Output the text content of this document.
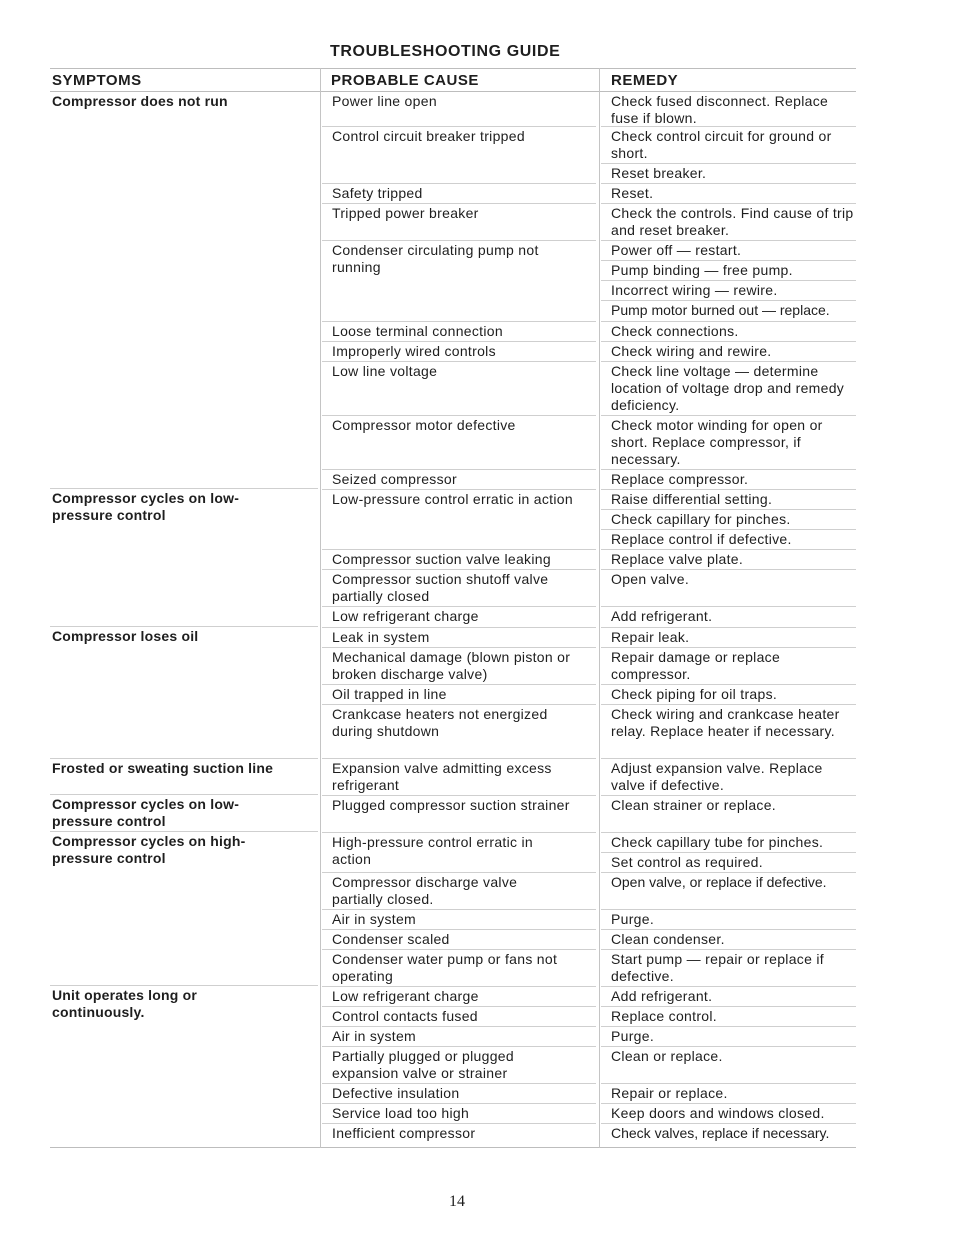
TROUBLESHOOTING GUIDE
SYMPTOMS	PROBABLE CAUSE	REMEDY
Compressor does not run
Compressor cycles on low-pressure control
Compressor loses oil
Frosted or sweating suction line
Compressor cycles on low-pressure control
Compressor cycles on high-pressure control
Unit operates long or continuously.
Power line open
Control circuit breaker tripped
Safety tripped
Tripped power breaker
Condenser circulating pump not running
Loose terminal connection
Improperly wired controls
Low line voltage
Compressor motor defective
Seized compressor
Low-pressure control erratic in action
Compressor suction valve leaking
Compressor suction shutoff valve partially closed
Low refrigerant charge
Leak in system
Mechanical damage (blown piston or broken discharge valve)
Oil trapped in line
Crankcase heaters not energized during shutdown
Expansion valve admitting excess refrigerant
Plugged compressor suction strainer
High-pressure control erratic in action
Compressor discharge valve partially closed.
Air in system
Condenser scaled
Condenser water pump or fans not operating
Low refrigerant charge
Control contacts fused
Air in system
Partially plugged or plugged expansion valve or strainer
Defective insulation
Service load too high
Inefficient compressor
Check fused disconnect. Replace fuse if blown.
Check control circuit for ground or short.
Reset breaker.
Reset.
Check the controls. Find cause of trip and reset breaker.
Power off — restart.
Pump binding — free pump.
Incorrect wiring — rewire.
Pump motor burned out — replace.
Check connections.
Check wiring and rewire.
Check line voltage — determine location of voltage drop and remedy deficiency.
Check motor winding for open or short. Replace compressor, if necessary.
Replace compressor.
Raise differential setting.
Check capillary for pinches.
Replace control if defective.
Replace valve plate.
Open valve.
Add refrigerant.
Repair leak.
Repair damage or replace compressor.
Check piping for oil traps.
Check wiring and crankcase heater relay. Replace heater if necessary.
Adjust expansion valve. Replace valve if defective.
Clean strainer or replace.
Check capillary tube for pinches.
Set control as required.
Open valve, or replace if defective.
Purge.
Clean condenser.
Start pump — repair or replace if defective.
Add refrigerant.
Replace control.
Purge.
Clean or replace.
Repair or replace.
Keep doors and windows closed.
Check valves, replace if necessary.
14
